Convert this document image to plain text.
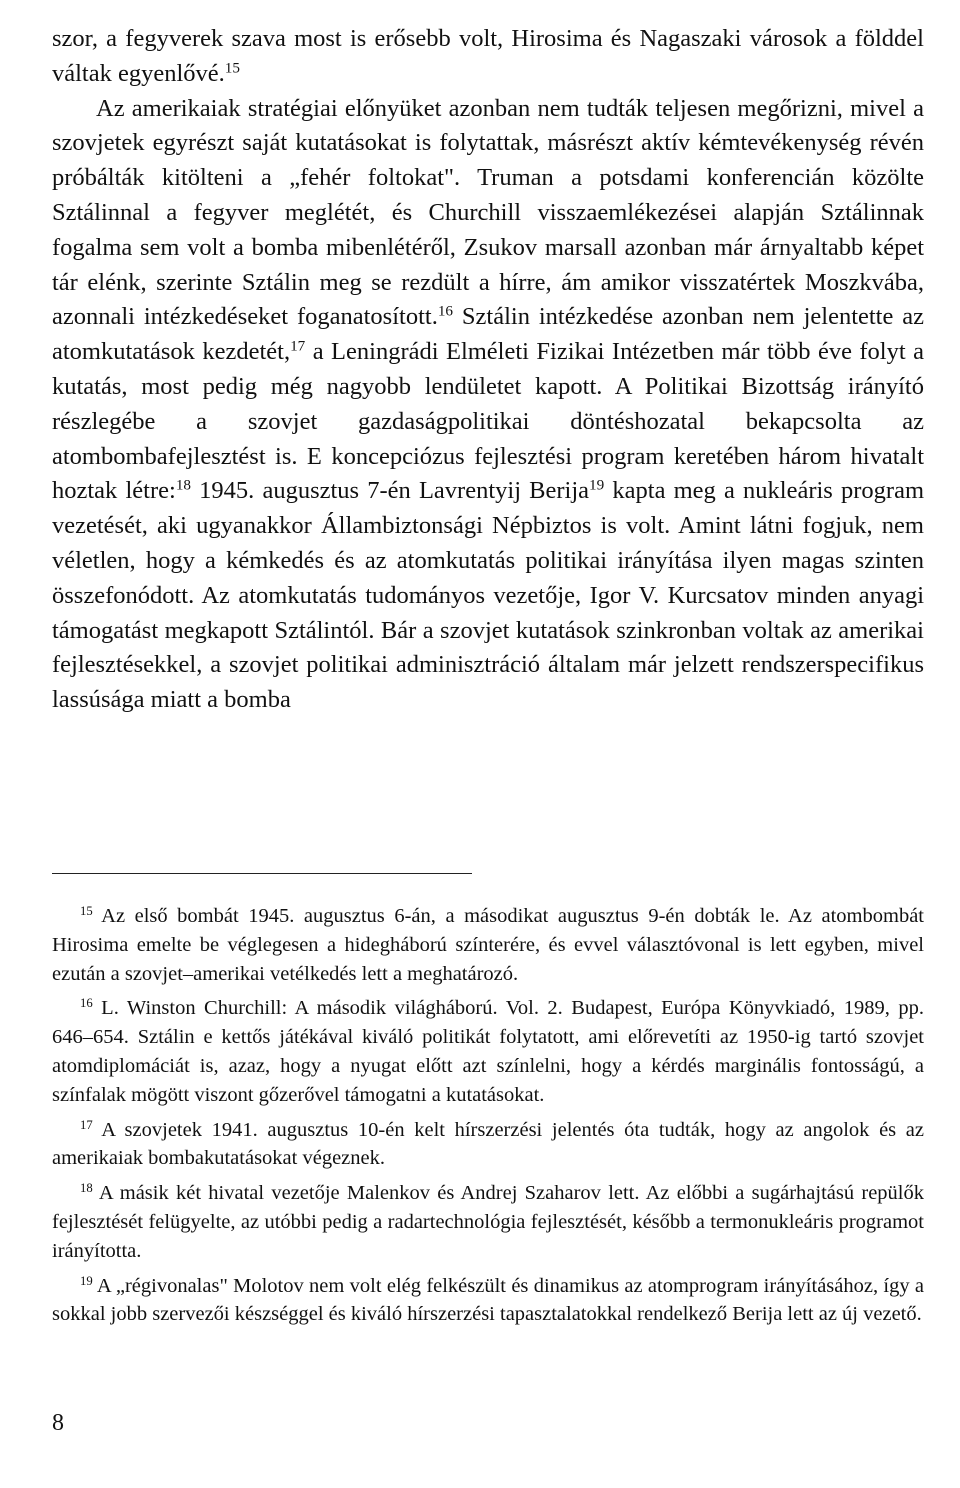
szor, a fegyverek szava most is erősebb volt, Hirosima és Nagaszaki városok a földdel váltak egyenlővé.$^{15}$

Az amerikaiak stratégiai előnyüket azonban nem tudták teljesen megőrizni, mivel a szovjetek egyrészt saját kutatásokat is folytattak, másrészt aktív kémtevékenység révén próbálták kitölteni a „fehér foltokat". Truman a potsdami konferencián közölte Sztálinnal a fegyver meglétét, és Churchill visszaemlékezései alapján Sztálinnak fogalma sem volt a bomba mibenlétéről, Zsukov marsall azonban már árnyaltabb képet tár elénk, szerinte Sztálin meg se rezdült a hírre, ám amikor visszatértek Moszkvába, azonnali intézkedéseket foganatosított.$^{16}$ Sztálin intézkedése azonban nem jelentette az atomkutatások kezdetét,$^{17}$ a Leningrádi Elméleti Fizikai Intézetben már több éve folyt a kutatás, most pedig még nagyobb lendületet kapott. A Politikai Bizottság irányító részlegébe a szovjet gazdaságpolitikai döntéshozatal bekapcsolta az atombombafejlesztést is. E koncepciózus fejlesztési program keretében három hivatalt hoztak létre:$^{18}$ 1945. augusztus 7-én Lavrentyij Berija$^{19}$ kapta meg a nukleáris program vezetését, aki ugyanakkor Állambiztonsági Népbiztos is volt. Amint látni fogjuk, nem véletlen, hogy a kémkedés és az atomkutatás politikai irányítása ilyen magas szinten összefonódott. Az atomkutatás tudományos vezetője, Igor V. Kurcsatov minden anyagi támogatást megkapott Sztálintól. Bár a szovjet kutatások szinkronban voltak az amerikai fejlesztésekkel, a szovjet politikai adminisztráció általam már jelzett rendszerspecifikus lassúsága miatt a bomba

$^{15}$ Az első bombát 1945. augusztus 6-án, a másodikat augusztus 9-én dobták le. Az atombombát Hirosima emelte be véglegesen a hidegháború színterére, és evvel választóvonal is lett egyben, mivel ezután a szovjet–amerikai vetélkedés lett a meghatározó.

$^{16}$ L. Winston Churchill: A második világháború. Vol. 2. Budapest, Európa Könyvkiadó, 1989, pp. 646–654. Sztálin e kettős játékával kiváló politikát folytatott, ami előrevetíti az 1950-ig tartó szovjet atomdiplomáciát is, azaz, hogy a nyugat előtt azt színlelni, hogy a kérdés marginális fontosságú, a színfalak mögött viszont gőzerővel támogatni a kutatásokat.

$^{17}$ A szovjetek 1941. augusztus 10-én kelt hírszerzési jelentés óta tudták, hogy az angolok és az amerikaiak bombakutatásokat végeznek.

$^{18}$ A másik két hivatal vezetője Malenkov és Andrej Szaharov lett. Az előbbi a sugárhajtású repülők fejlesztését felügyelte, az utóbbi pedig a radartechnológia fejlesztését, később a termonukleáris programot irányította.

$^{19}$ A „régivonalas" Molotov nem volt elég felkészült és dinamikus az atomprogram irányításához, így a sokkal jobb szervezői készséggel és kiváló hírszerzési tapasztalatokkal rendelkező Berija lett az új vezető.

8
